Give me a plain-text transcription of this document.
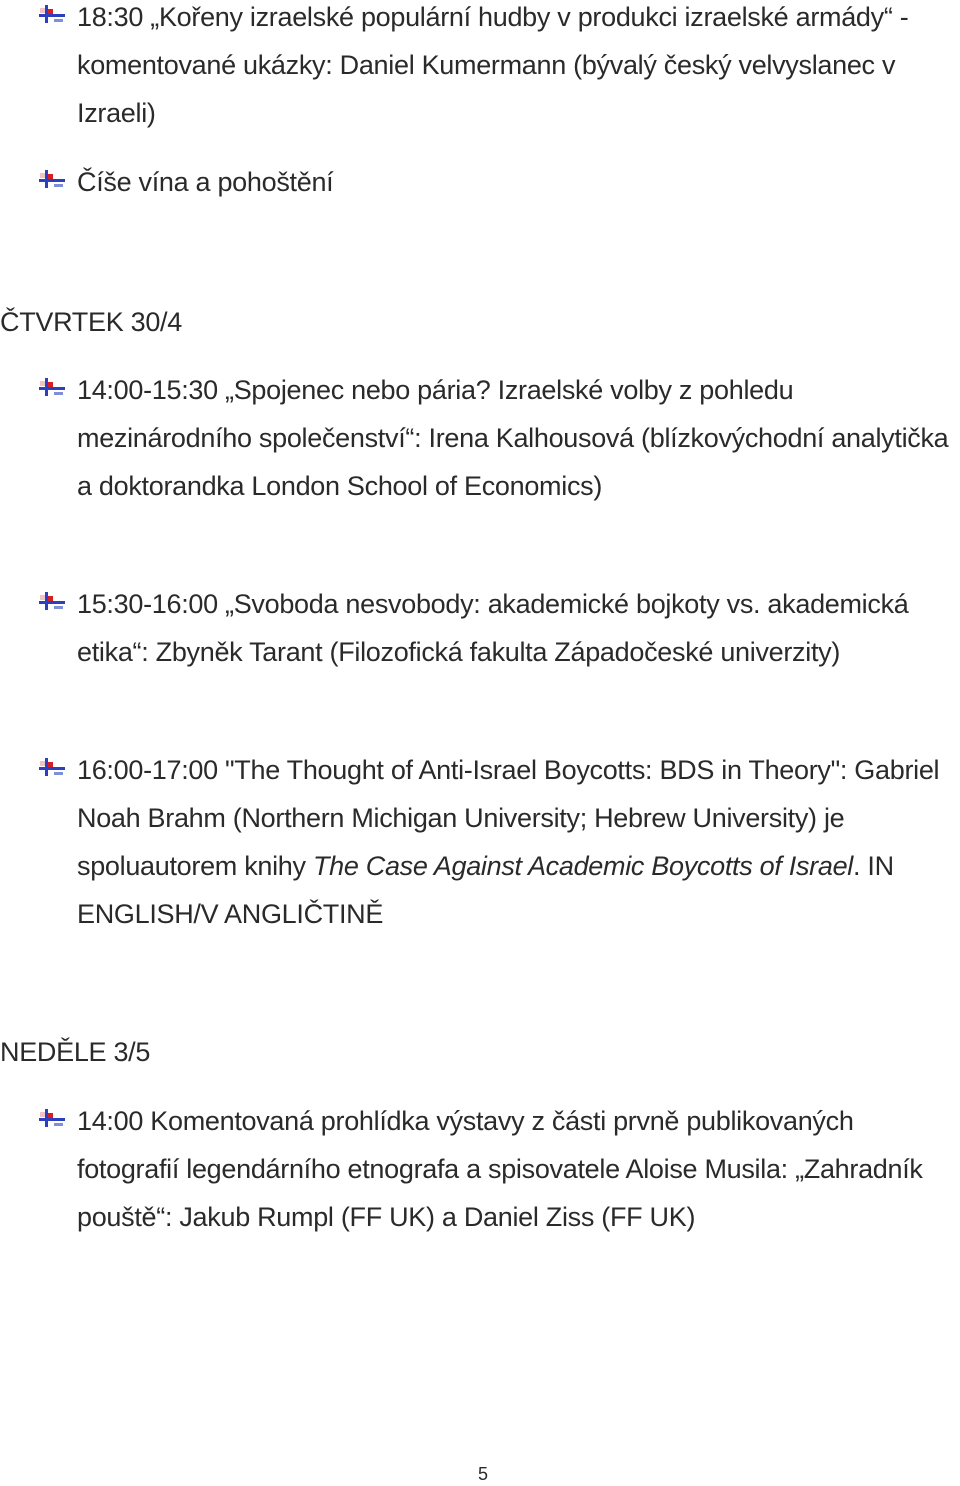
18:30 „Kořeny izraelské populární hudby v produkci izraelské armády“ - komentované ukázky: Daniel Kumermann (bývalý český velvyslanec v Izraeli)
Číše vína a pohoštění
ČTVRTEK 30/4
14:00-15:30 „Spojenec nebo pária? Izraelské volby z pohledu mezinárodního společenství“: Irena Kalhousová (blízkovýchodní analytička a doktorandka London School of Economics)
15:30-16:00 „Svoboda nesvobody: akademické bojkoty vs. akademická etika“: Zbyněk Tarant (Filozofická fakulta Západočeské univerzity)
16:00-17:00 "The Thought of Anti-Israel Boycotts: BDS in Theory": Gabriel Noah Brahm (Northern Michigan University; Hebrew University) je spoluautorem knihy The Case Against Academic Boycotts of Israel. IN ENGLISH/V ANGLIČTINĚ
NEDĚLE 3/5
14:00 Komentovaná prohlídka výstavy z části prvně publikovaných fotografií legendárního etnografa a spisovatele Aloise Musila: „Zahradník pouště“: Jakub Rumpl (FF UK) a Daniel Ziss (FF UK)
5
